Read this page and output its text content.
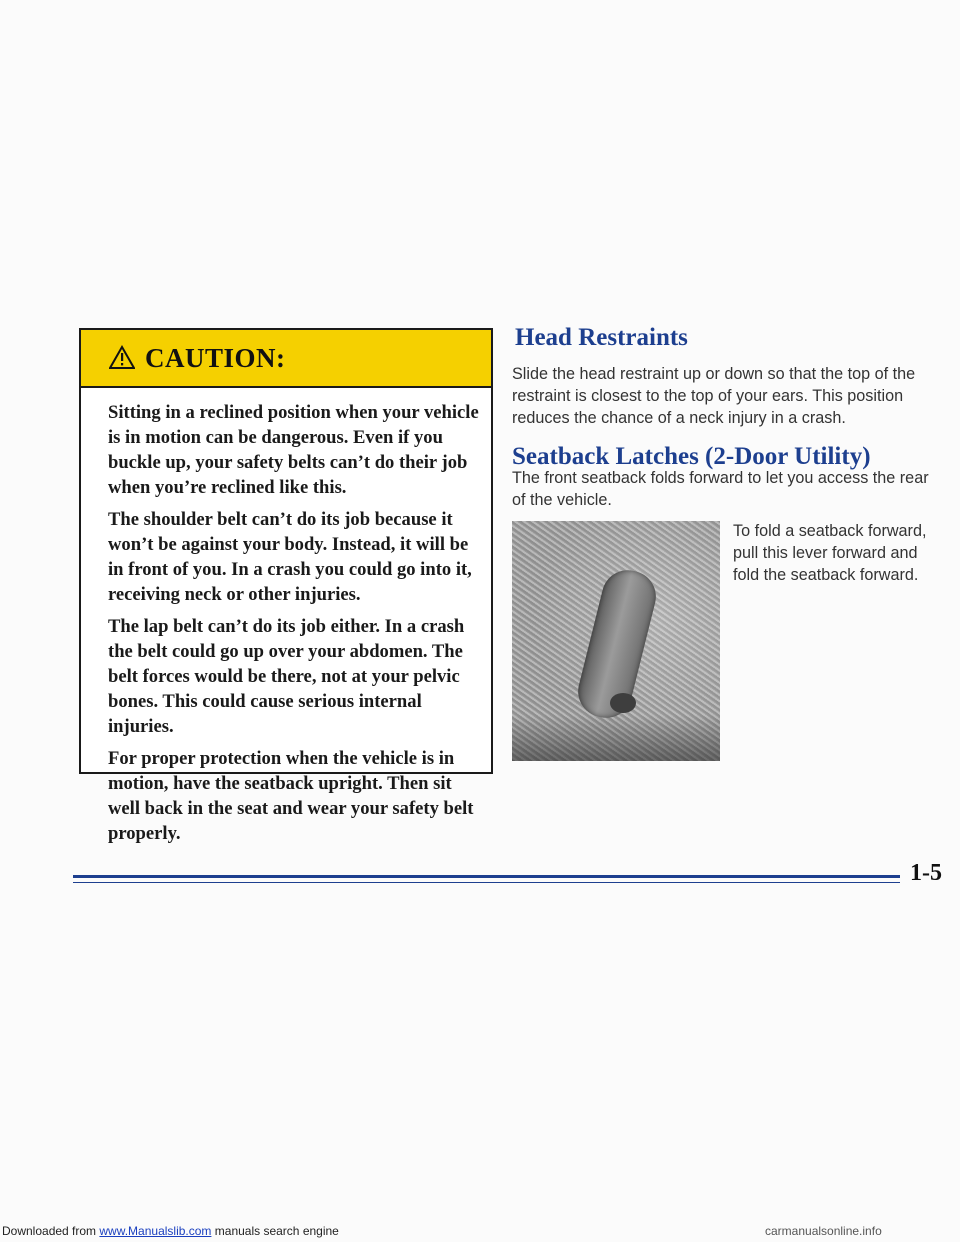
CAUTION:

Sitting in a reclined position when your vehicle is in motion can be dangerous. Even if you buckle up, your safety belts can’t do their job when you’re reclined like this.

The shoulder belt can’t do its job because it won’t be against your body. Instead, it will be in front of you. In a crash you could go into it, receiving neck or other injuries.

The lap belt can’t do its job either. In a crash the belt could go up over your abdomen. The belt forces would be there, not at your pelvic bones. This could cause serious internal injuries.

For proper protection when the vehicle is in motion, have the seatback upright. Then sit well back in the seat and wear your safety belt properly.

Head Restraints

Slide the head restraint up or down so that the top of the restraint is closest to the top of your ears. This position reduces the chance of a neck injury in a crash.

Seatback Latches (2-Door Utility)

The front seatback folds forward to let you access the rear of the vehicle.

To fold a seatback forward, pull this lever forward and fold the seatback forward.

1-5
Downloaded from www.Manualslib.com manuals search engine	carmanualsonline.info
